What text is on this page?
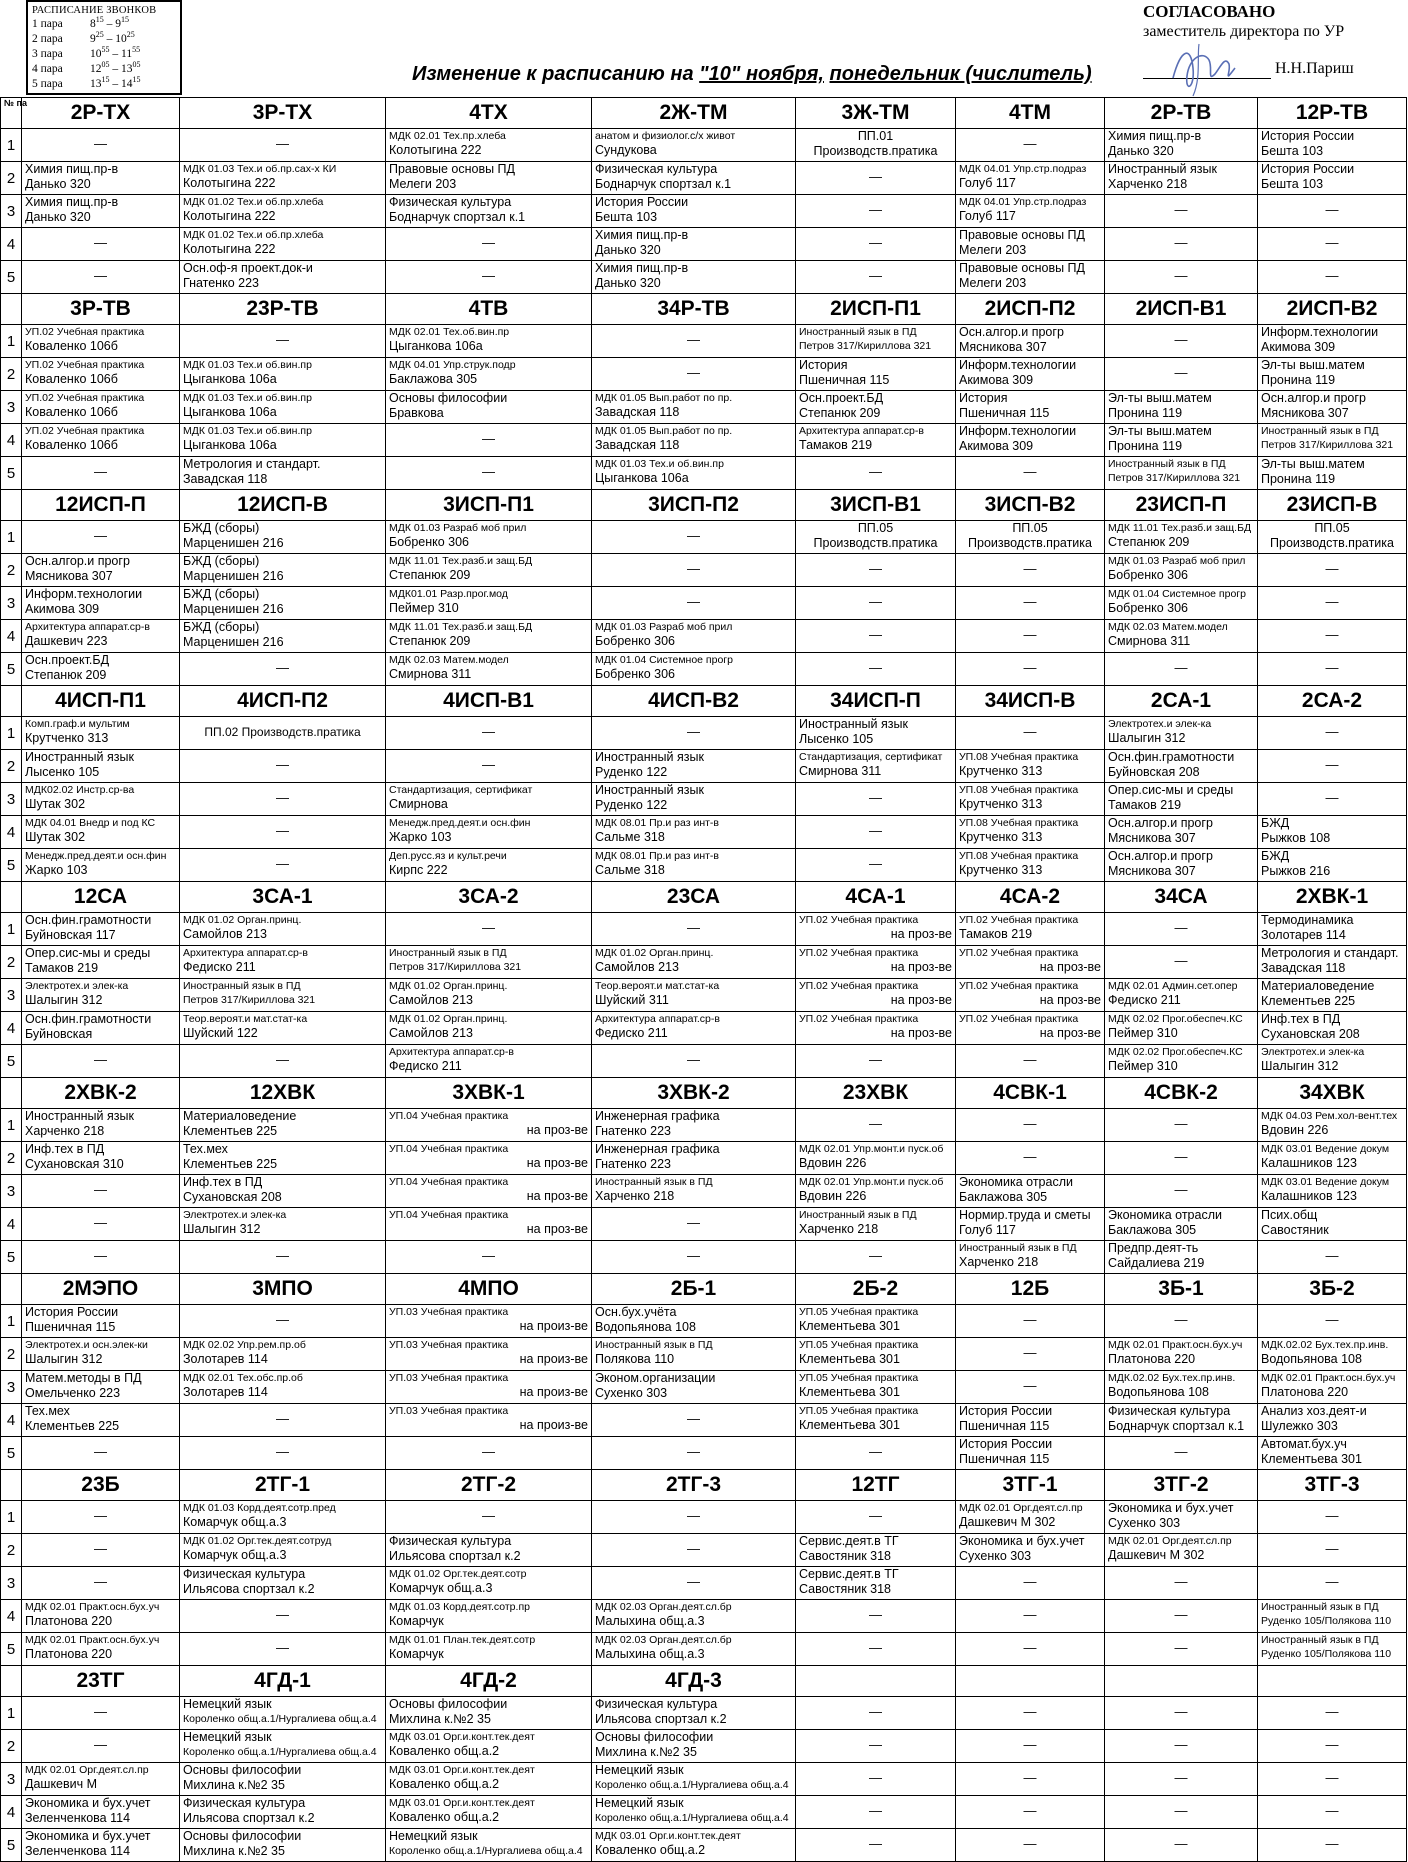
РАСПИСАНИЕ ЗВОНКОВ
1 пара	$8^{15} - 9^{15}$
2 пара	$9^{25} - 10^{25}$
3 пара	$10^{55} - 11^{55}$
4 пара	$12^{05} - 13^{05}$
5 пара	$13^{15} - 14^{15}$
СОГЛАСОВАНО
заместитель директора по УР
Н.Н.Париш
Изменение к расписанию на "10" ноября, понедельник (числитель)
№ па	2Р-ТХ	3Р-ТХ	4ТХ	2Ж-ТМ	3Ж-ТМ	4ТМ	2Р-ТВ	12Р-ТВ
1	—	—	МДК 02.01 Тех.пр.хлеба
Колотыгина 222	анатом и физиолог.с/х живот
Сундукова	ПП.01
Производств.пратика	—	Химия пищ.пр-в
Данько 320	История России
Бешта 103

2	Химия пищ.пр-в
Данько 320	МДК 01.03 Тех.и об.пр.сах-х КИ
Колотыгина 222	Правовые основы ПД
Мелеги 203	Физическая культура
Боднарчук спортзал к.1	—	МДК 04.01 Упр.стр.подраз
Голуб 117	Иностранный язык
Харченко 218	История России
Бешта 103

3	Химия пищ.пр-в
Данько 320	МДК 01.02 Тех.и об.пр.хлеба
Колотыгина 222	Физическая культура
Боднарчук спортзал к.1	История России
Бешта 103	—	МДК 04.01 Упр.стр.подраз
Голуб 117	—	—

4	—	МДК 01.02 Тех.и об.пр.хлеба
Колотыгина 222	—	Химия пищ.пр-в
Данько 320	—	Правовые основы ПД
Мелеги 203	—	—

5	—	Осн.оф-я проект.док-и
Гнатенко 223	—	Химия пищ.пр-в
Данько 320	—	Правовые основы ПД
Мелеги 203	—	—

	3Р-ТВ	23Р-ТВ	4ТВ	34Р-ТВ	2ИСП-П1	2ИСП-П2	2ИСП-В1	2ИСП-В2
1	УП.02 Учебная практика
Коваленко 106б	—	МДК 02.01 Тех.об.вин.пр
Цыганкова 106а	—	Иностранный язык в ПД
Петров 317/Кириллова 321	Осн.алгор.и прогр
Мясникова 307	—	Информ.технологии
Акимова 309

2	УП.02 Учебная практика
Коваленко 106б	МДК 01.03 Тех.и об.вин.пр
Цыганкова 106а	МДК 04.01 Упр.струк.подр
Баклажова 305	—	История
Пшеничная 115	Информ.технологии
Акимова 309	—	Эл-ты выш.матем
Пронина 119

3	УП.02 Учебная практика
Коваленко 106б	МДК 01.03 Тех.и об.вин.пр
Цыганкова 106а	Основы философии
Бравкова	МДК 01.05 Вып.работ по пр.
Завадская 118	Осн.проект.БД
Степанюк 209	История
Пшеничная 115	Эл-ты выш.матем
Пронина 119	Осн.алгор.и прогр
Мясникова 307

4	УП.02 Учебная практика
Коваленко 106б	МДК 01.03 Тех.и об.вин.пр
Цыганкова 106а	—	МДК 01.05 Вып.работ по пр.
Завадская 118	Архитектура аппарат.ср-в
Тамаков 219	Информ.технологии
Акимова 309	Эл-ты выш.матем
Пронина 119	Иностранный язык в ПД
Петров 317/Кириллова 321

5	—	Метрология и стандарт.
Завадская 118	—	МДК 01.03 Тех.и об.вин.пр
Цыганкова 106а	—	—	Иностранный язык в ПД
Петров 317/Кириллова 321	Эл-ты выш.матем
Пронина 119

	12ИСП-П	12ИСП-В	3ИСП-П1	3ИСП-П2	3ИСП-В1	3ИСП-В2	23ИСП-П	23ИСП-В
1	—	БЖД (сборы)
Марценишен 216	МДК 01.03 Разраб моб прил
Бобренко 306	—	ПП.05
Производств.пратика	ПП.05
Производств.пратика	МДК 11.01 Тех.разб.и защ.БД
Степанюк 209	ПП.05
Производств.пратика

2	Осн.алгор.и прогр
Мясникова 307	БЖД (сборы)
Марценишен 216	МДК 11.01 Тех.разб.и защ.БД
Степанюк 209	—	—	—	МДК 01.03 Разраб моб прил
Бобренко 306	—

3	Информ.технологии
Акимова 309	БЖД (сборы)
Марценишен 216	МДК01.01 Разр.прог.мод
Пеймер 310	—	—	—	МДК 01.04 Системное прогр
Бобренко 306	—

4	Архитектура аппарат.ср-в
Дашкевич 223	БЖД (сборы)
Марценишен 216	МДК 11.01 Тех.разб.и защ.БД
Степанюк 209	МДК 01.03 Разраб моб прил
Бобренко 306	—	—	МДК 02.03 Матем.модел
Смирнова 311	—

5	Осн.проект.БД
Степанюк 209	—	МДК 02.03 Матем.модел
Смирнова 311	МДК 01.04 Системное прогр
Бобренко 306	—	—	—	—

	4ИСП-П1	4ИСП-П2	4ИСП-В1	4ИСП-В2	34ИСП-П	34ИСП-В	2СА-1	2СА-2
1	Комп.граф.и мультим
Крутченко 313	ПП.02 Производств.пратика	—	—	Иностранный язык
Лысенко 105	—	Электротех.и элек-ка
Шалыгин 312	—

2	Иностранный язык
Лысенко 105	—	—	Иностранный язык
Руденко 122	Стандартизация, сертификат
Смирнова 311	УП.08 Учебная практика
Крутченко 313	Осн.фин.грамотности
Буйновская 208	—

3	МДК02.02 Инстр.ср-ва
Шутак 302	—	Стандартизация, сертификат
Смирнова	Иностранный язык
Руденко 122	—	УП.08 Учебная практика
Крутченко 313	Опер.сис-мы и среды
Тамаков 219	—

4	МДК 04.01 Внедр и под КС
Шутак 302	—	Менедж.пред.деят.и осн.фин
Жарко 103	МДК 08.01 Пр.и раз инт-в
Сальме 318	—	УП.08 Учебная практика
Крутченко 313	Осн.алгор.и прогр
Мясникова 307	БЖД
Рыжков 108

5	Менедж.пред.деят.и осн.фин
Жарко 103	—	Деп.русс.яз и культ.речи
Кирпс 222	МДК 08.01 Пр.и раз инт-в
Сальме 318	—	УП.08 Учебная практика
Крутченко 313	Осн.алгор.и прогр
Мясникова 307	БЖД
Рыжков 216

	12СА	3СА-1	3СА-2	23СА	4СА-1	4СА-2	34СА	2ХВК-1
1	Осн.фин.грамотности
Буйновская 117	МДК 01.02 Орган.принц.
Самойлов 213	—	—	УП.02 Учебная практика
на проз-ве	УП.02 Учебная практика
Тамаков 219	—	Термодинамика
Золотарев 114

2	Опер.сис-мы и среды
Тамаков 219	Архитектура аппарат.ср-в
Федиско 211	Иностранный язык в ПД
Петров 317/Кириллова 321	МДК 01.02 Орган.принц.
Самойлов 213	УП.02 Учебная практика
на проз-ве	УП.02 Учебная практика
на проз-ве	—	Метрология и стандарт.
Завадская 118

3	Электротех.и элек-ка
Шалыгин 312	Иностранный язык в ПД
Петров 317/Кириллова 321	МДК 01.02 Орган.принц.
Самойлов 213	Теор.вероят.и мат.стат-ка
Шуйский 311	УП.02 Учебная практика
на проз-ве	УП.02 Учебная практика
на проз-ве	МДК 02.01 Админ.сет.опер
Федиско 211	Материаловедение
Клементьев 225

4	Осн.фин.грамотности
Буйновская	Теор.вероят.и мат.стат-ка
Шуйский 122	МДК 01.02 Орган.принц.
Самойлов 213	Архитектура аппарат.ср-в
Федиско 211	УП.02 Учебная практика
на проз-ве	УП.02 Учебная практика
на проз-ве	МДК 02.02 Прог.обеспеч.КС
Пеймер 310	Инф.тех в ПД
Сухановская 208

5	—	—	Архитектура аппарат.ср-в
Федиско 211	—	—	—	МДК 02.02 Прог.обеспеч.КС
Пеймер 310	Электротех.и элек-ка
Шалыгин 312

	2ХВК-2	12ХВК	3ХВК-1	3ХВК-2	23ХВК	4СВК-1	4СВК-2	34ХВК
1	Иностранный язык
Харченко 218	Материаловедение
Клементьев 225	УП.04 Учебная практика
на проз-ве	Инженерная графика
Гнатенко 223	—	—	—	МДК 04.03 Рем.хол-вент.тех
Вдовин 226

2	Инф.тех в ПД
Сухановская 310	Тех.мех
Клементьев 225	УП.04 Учебная практика
на проз-ве	Инженерная графика
Гнатенко 223	МДК 02.01 Упр.монт.и пуск.об
Вдовин 226	—	—	МДК 03.01 Ведение докум
Калашников 123

3	—	Инф.тех в ПД
Сухановская 208	УП.04 Учебная практика
на проз-ве	Иностранный язык в ПД
Харченко 218	МДК 02.01 Упр.монт.и пуск.об
Вдовин 226	Экономика отрасли
Баклажова 305	—	МДК 03.01 Ведение докум
Калашников 123

4	—	Электротех.и элек-ка
Шалыгин 312	УП.04 Учебная практика
на проз-ве	—	Иностранный язык в ПД
Харченко 218	Нормир.труда и сметы
Голуб 117	Экономика отрасли
Баклажова 305	Псих.общ
Савостяник

5	—	—	—	—	—	Иностранный язык в ПД
Харченко 218	Предпр.деят-ть
Сайдалиева 219	—

	2МЭПО	3МПО	4МПО	2Б-1	2Б-2	12Б	3Б-1	3Б-2
1	История России
Пшеничная 115	—	УП.03 Учебная практика
на произ-ве	Осн.бух.учёта
Водопьянова 108	УП.05 Учебная практика
Клементьева 301	—	—	—

2	Электротех.и осн.элек-ки
Шалыгин 312	МДК 02.02 Упр.рем.пр.об
Золотарев 114	УП.03 Учебная практика
на произ-ве	Иностранный язык в ПД
Полякова 110	УП.05 Учебная практика
Клементьева 301	—	МДК 02.01 Практ.осн.бух.уч
Платонова 220	МДК.02.02 Бух.тех.пр.инв.
Водопьянова 108

3	Матем.методы в ПД
Омельченко 223	МДК 02.01 Тех.обс.пр.об
Золотарев 114	УП.03 Учебная практика
на произ-ве	Эконом.организации
Сухенко 303	УП.05 Учебная практика
Клементьева 301	—	МДК.02.02 Бух.тех.пр.инв.
Водопьянова 108	МДК 02.01 Практ.осн.бух.уч
Платонова 220

4	Тех.мех
Клементьев 225	—	УП.03 Учебная практика
на произ-ве	—	УП.05 Учебная практика
Клементьева 301	История России
Пшеничная 115	Физическая культура
Боднарчук спортзал к.1	Анализ хоз.деят-и
Шулежко 303

5	—	—	—	—	—	История России
Пшеничная 115	—	Автомат.бух.уч
Клементьева 301

	23Б	2ТГ-1	2ТГ-2	2ТГ-3	12ТГ	3ТГ-1	3ТГ-2	3ТГ-3
1	—	МДК 01.03 Корд.деят.сотр.пред
Комарчук общ.а.3	—	—	—	МДК 02.01 Орг.деят.сл.пр
Дашкевич М 302	Экономика и бух.учет
Сухенко 303	—

2	—	МДК 01.02 Орг.тек.деят.сотруд
Комарчук общ.а.3	Физическая культура
Ильясова спортзал к.2	—	Сервис.деят.в ТГ
Савостяник 318	Экономика и бух.учет
Сухенко 303	МДК 02.01 Орг.деят.сл.пр
Дашкевич М 302	—

3	—	Физическая культура
Ильясова спортзал к.2	МДК 01.02 Орг.тек.деят.сотр
Комарчук общ.а.3	—	Сервис.деят.в ТГ
Савостяник 318	—	—	—

4	МДК 02.01 Практ.осн.бух.уч
Платонова 220	—	МДК 01.03 Корд.деят.сотр.пр
Комарчук	МДК 02.03 Орган.деят.сл.бр
Малыхина общ.а.3	—	—	—	Иностранный язык в ПД
Руденко 105/Полякова 110

5	МДК 02.01 Практ.осн.бух.уч
Платонова 220	—	МДК 01.01 План.тек.деят.сотр
Комарчук	МДК 02.03 Орган.деят.сл.бр
Малыхина общ.а.3	—	—	—	Иностранный язык в ПД
Руденко 105/Полякова 110

	23ТГ	4ГД-1	4ГД-2	4ГД-3				
1	—	Немецкий язык
Короленко общ.а.1/Нургалиева общ.а.4	Основы философии
Михлина к.№2 35	Физическая культура
Ильясова спортзал к.2	—	—	—	—

2	—	Немецкий язык
Короленко общ.а.1/Нургалиева общ.а.4	МДК 03.01 Орг.и.конт.тек.деят
Коваленко общ.а.2	Основы философии
Михлина к.№2 35	—	—	—	—

3	МДК 02.01 Орг.деят.сл.пр
Дашкевич М	Основы философии
Михлина к.№2 35	МДК 03.01 Орг.и.конт.тек.деят
Коваленко общ.а.2	Немецкий язык
Короленко общ.а.1/Нургалиева общ.а.4	—	—	—	—

4	Экономика и бух.учет
Зеленченкова 114	Физическая культура
Ильясова спортзал к.2	МДК 03.01 Орг.и.конт.тек.деят
Коваленко общ.а.2	Немецкий язык
Короленко общ.а.1/Нургалиева общ.а.4	—	—	—	—

5	Экономика и бух.учет
Зеленченкова 114	Основы философии
Михлина к.№2 35	Немецкий язык
Короленко общ.а.1/Нургалиева общ.а.4	МДК 03.01 Орг.и.конт.тек.деят
Коваленко общ.а.2	—	—	—	—
